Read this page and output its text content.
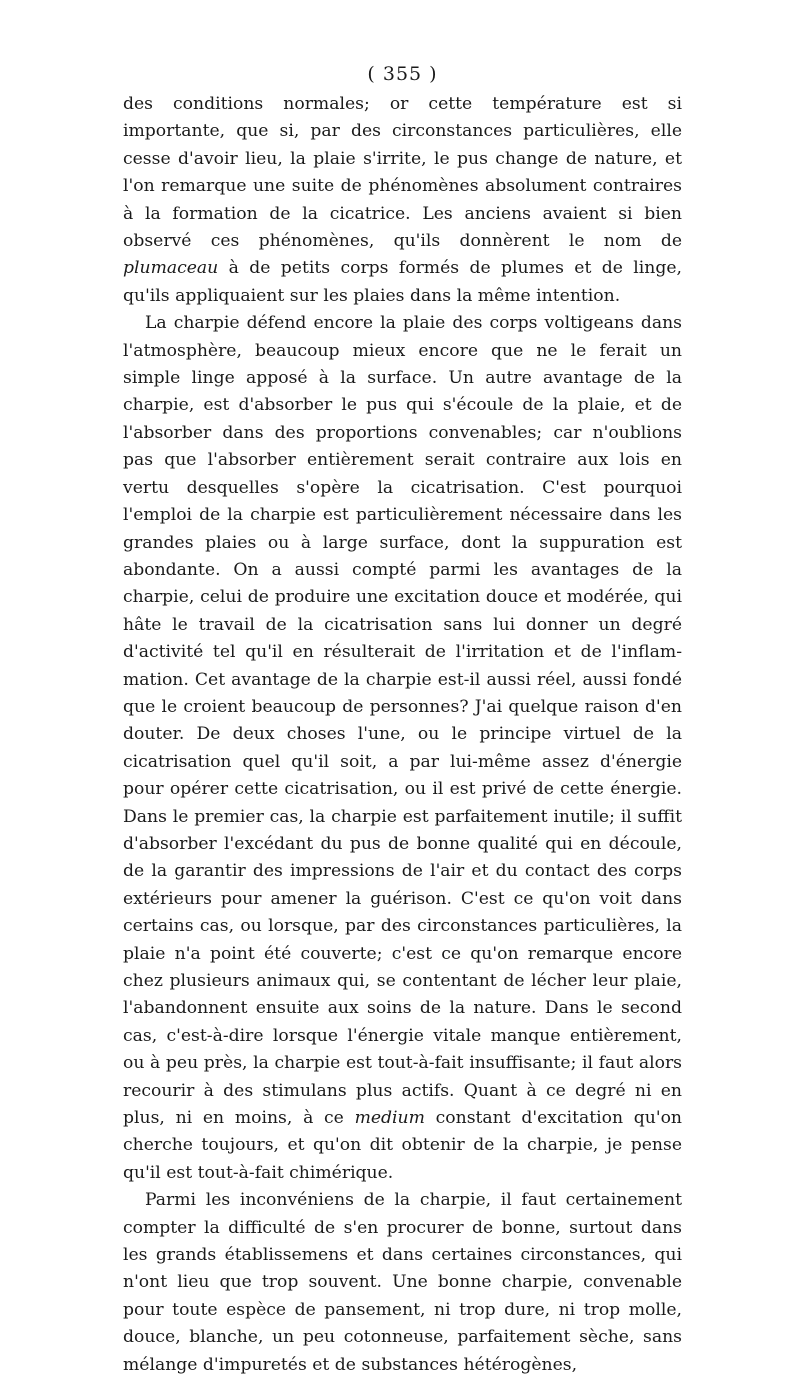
( 355 )

des conditions normales; or cette température est si importante, que si, par des circonstances particulières, elle cesse d'avoir lieu, la plaie s'irrite, le pus change de nature, et l'on remarque une suite de phénomènes absolument contraires à la formation de la cicatrice. Les anciens avaient si bien observé ces phénomènes, qu'ils donnèrent le nom de plumaceau à de petits corps formés de plumes et de linge, qu'ils appliquaient sur les plaies dans la même intention.

La charpie défend encore la plaie des corps voltigeans dans l'atmosphère, beaucoup mieux encore que ne le ferait un simple linge apposé à la surface. Un autre avantage de la charpie, est d'absorber le pus qui s'écoule de la plaie, et de l'absorber dans des proportions convenables; car n'oublions pas que l'absorber entièrement serait contraire aux lois en vertu desquelles s'opère la cicatrisation. C'est pourquoi l'emploi de la charpie est particulièrement nécessaire dans les grandes plaies ou à large surface, dont la suppuration est abondante. On a aussi compté parmi les avantages de la charpie, celui de produire une excitation douce et modérée, qui hâte le travail de la cicatrisation sans lui donner un degré d'activité tel qu'il en résulterait de l'irritation et de l'inflammation. Cet avantage de la charpie est-il aussi réel, aussi fondé que le croient beaucoup de personnes? J'ai quelque raison d'en douter. De deux choses l'une, ou le principe virtuel de la cicatrisation quel qu'il soit, a par lui-même assez d'énergie pour opérer cette cicatrisation, ou il est privé de cette énergie. Dans le premier cas, la charpie est parfaitement inutile; il suffit d'absorber l'excédant du pus de bonne qualité qui en découle, de la garantir des impressions de l'air et du contact des corps extérieurs pour amener la guérison. C'est ce qu'on voit dans certains cas, ou lorsque, par des circonstances particulières, la plaie n'a point été couverte; c'est ce qu'on remarque encore chez plusieurs animaux qui, se contentant de lécher leur plaie, l'abandonnent ensuite aux soins de la nature. Dans le second cas, c'est-à-dire lorsque l'énergie vitale manque entièrement, ou à peu près, la charpie est tout-à-fait insuffisante; il faut alors recourir à des stimulans plus actifs. Quant à ce degré ni en plus, ni en moins, à ce medium constant d'excitation qu'on cherche toujours, et qu'on dit obtenir de la charpie, je pense qu'il est tout-à-fait chimérique.

Parmi les inconvéniens de la charpie, il faut certainement compter la difficulté de s'en procurer de bonne, surtout dans les grands établissemens et dans certaines circonstances, qui n'ont lieu que trop souvent. Une bonne charpie, convenable pour toute espèce de pansement, ni trop dure, ni trop molle, douce, blanche, un peu cotonneuse, parfaitement sèche, sans mélange d'impuretés et de substances hétérogènes,
